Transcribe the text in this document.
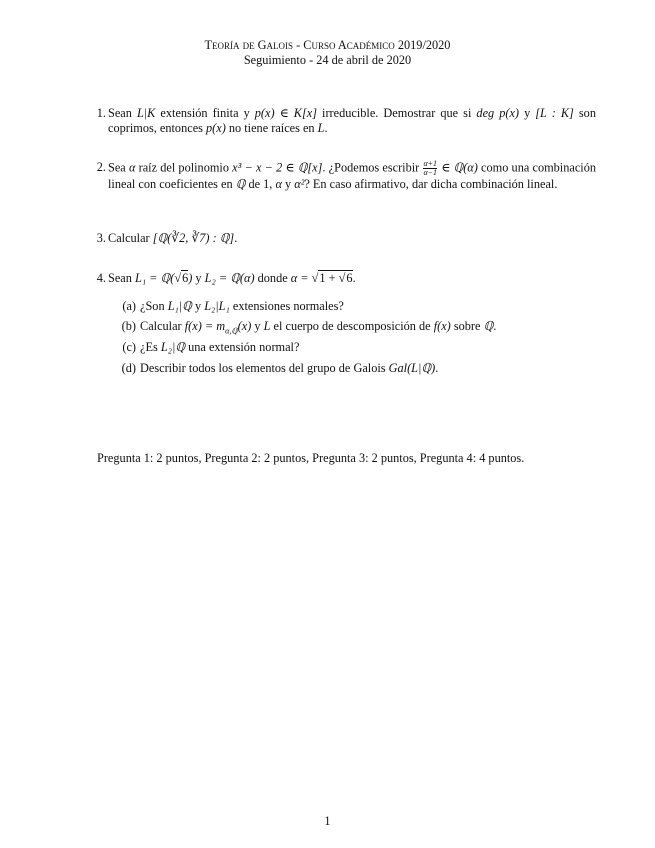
Teoría de Galois - Curso Académico 2019/2020
Seguimiento - 24 de abril de 2020
1. Sean L|K extensión finita y p(x) ∈ K[x] irreducible. Demostrar que si deg p(x) y [L : K] son coprimos, entonces p(x) no tiene raíces en L.
2. Sea α raíz del polinomio x³ − x − 2 ∈ ℚ[x]. ¿Podemos escribir $\frac{\alpha+1}{\alpha-1}$ ∈ ℚ(α) como una combinación lineal con coeficientes en ℚ de 1, α y α²? En caso afirmativo, dar dicha combinación lineal.
3. Calcular [ℚ(∛2, ∛7) : ℚ].
4. Sean L₁ = ℚ(√6) y L₂ = ℚ(α) donde α = √1 + √6.
(a) ¿Son L₁|ℚ y L₂|L₁ extensiones normales?
(b) Calcular $f(x) = m_{\alpha,ℚ}(x)$ y L el cuerpo de descomposición de f(x) sobre ℚ.
(c) ¿Es L₂|ℚ una extensión normal?
(d) Describir todos los elementos del grupo de Galois Gal(L|ℚ).
Pregunta 1: 2 puntos, Pregunta 2: 2 puntos, Pregunta 3: 2 puntos, Pregunta 4: 4 puntos.
1
